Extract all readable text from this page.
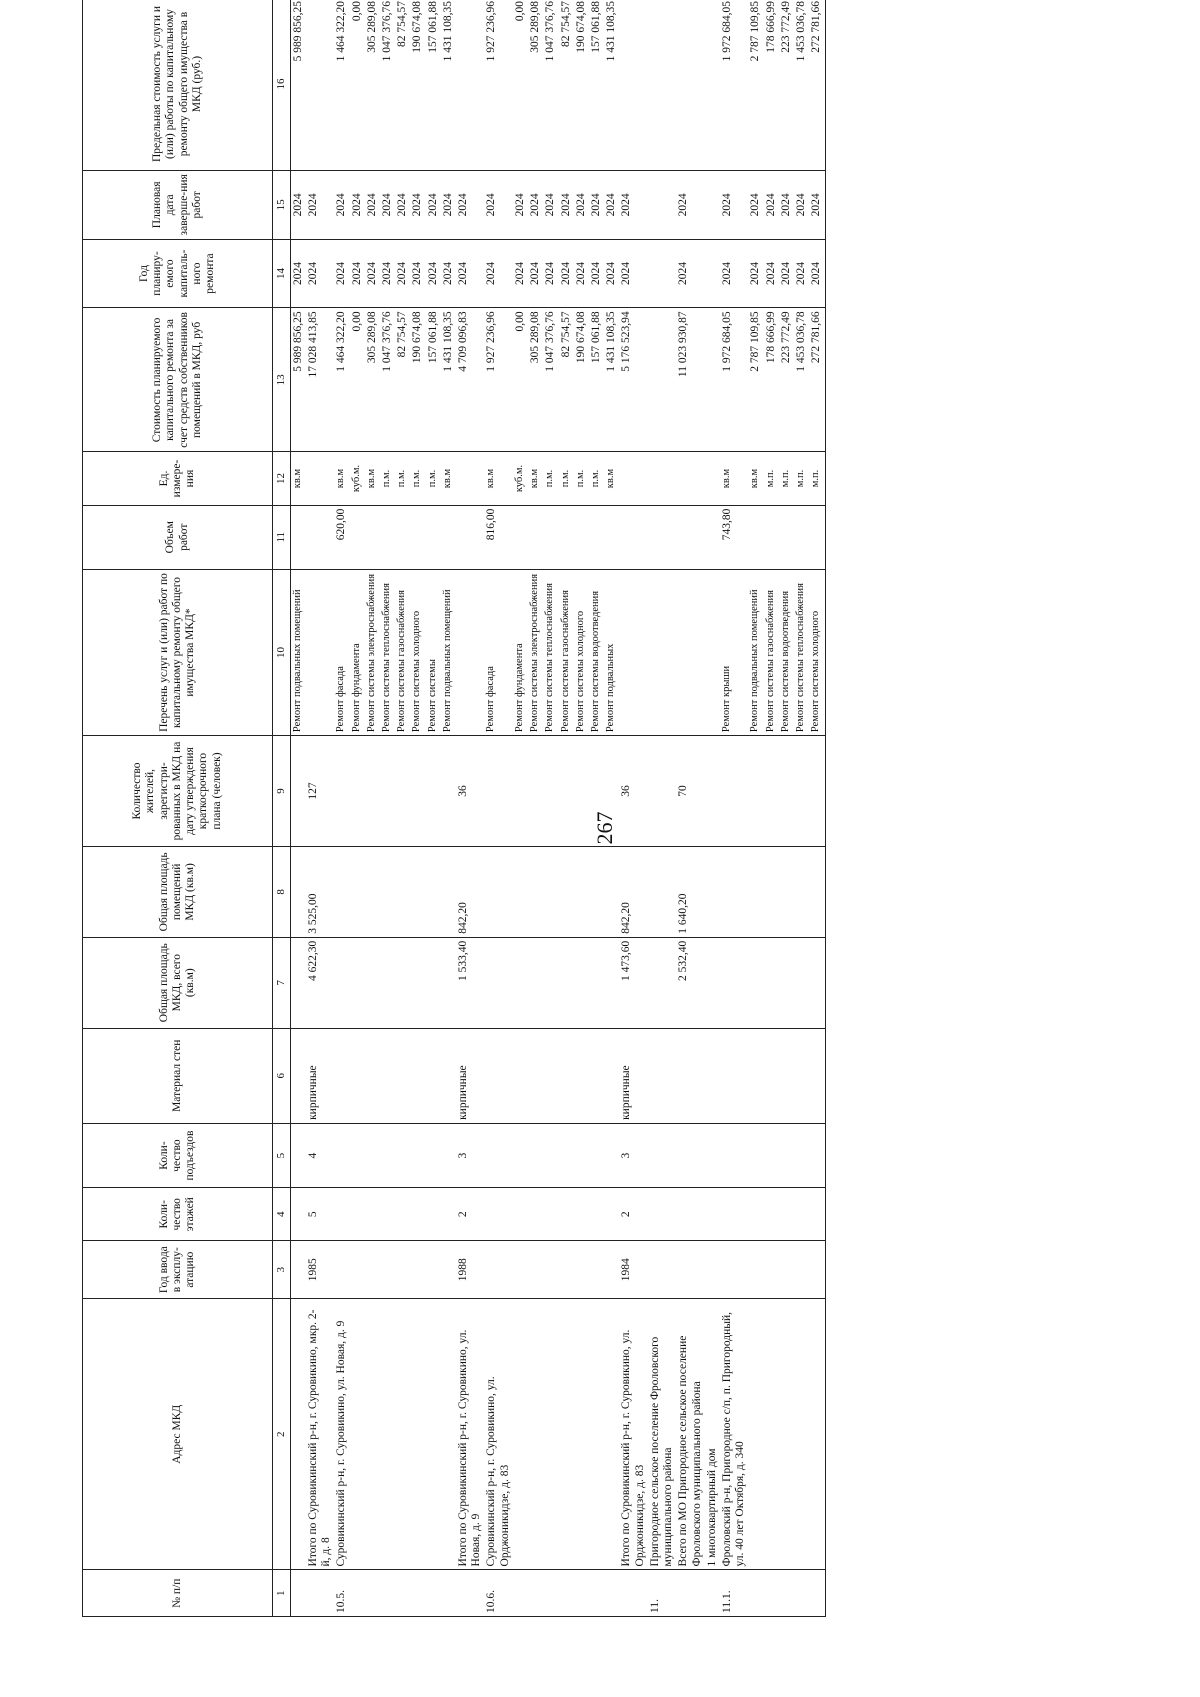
267
№ п/п	Адрес МКД	Год ввода в эксплу-атацию	Коли-чество этажей	Коли-чество подъездов	Материал стен	Общая площадь МКД, всего (кв.м)	Общая площадь помещений МКД (кв.м)	Количество жителей, зарегистри-рованных в МКД на дату утверждения краткосрочного плана (человек)	Перечень услуг и (или) работ по капитальному ремонту общего имущества МКД*	Объем работ	Ед. измере-ния	Стоимость планируемого капитального ремонта за счет средств собственников помещений в МКД, руб	Год планиру-емого капиталь-ного ремонта	Плановая дата заверше-ния работ	Предельная стоимость услуги и (или) работы по капитальному ремонту общего имущества в МКД (руб.)
1	2	3	4	5	6	7	8	9	10	11	12	13	14	15	16
									Ремонт подвальных помещений		кв.м	5 989 856,25	2024	2024	5 989 856,25
	Итого по Суровикинский р-н, г. Суровикино, мкр. 2-й, д. 8	1985	5	4	кирпичные	4 622,30	3 525,00	127				17 028 413,85	2024	2024	
10.5.	Суровикинский р-н, г. Суровикино, ул. Новая, д. 9								Ремонт фасада	620,00	кв.м	1 464 322,20	2024	2024	1 464 322,20
									Ремонт фундамента		куб.м.	0,00	2024	2024	0,00
									Ремонт системы электроснабжения		кв.м	305 289,08	2024	2024	305 289,08
									Ремонт системы теплоснабжения		п.м.	1 047 376,76	2024	2024	1 047 376,76
									Ремонт системы газоснабжения		п.м.	82 754,57	2024	2024	82 754,57
									Ремонт системы холодного		п.м.	190 674,08	2024	2024	190 674,08
									Ремонт системы		п.м.	157 061,88	2024	2024	157 061,88
									Ремонт подвальных помещений		кв.м	1 431 108,35	2024	2024	1 431 108,35
	Итого по Суровикинский р-н, г. Суровикино, ул. Новая, д. 9	1988	2	3	кирпичные	1 533,40	842,20	36				4 709 096,83	2024	2024	
10.6.	Суровикинский р-н, г. Суровикино, ул. Орджоникидзе, д. 83								Ремонт фасада	816,00	кв.м	1 927 236,96	2024	2024	1 927 236,96
									Ремонт фундамента		куб.м.	0,00	2024	2024	0,00
									Ремонт системы электроснабжения		кв.м	305 289,08	2024	2024	305 289,08
									Ремонт системы теплоснабжения		п.м.	1 047 376,76	2024	2024	1 047 376,76
									Ремонт системы газоснабжения		п.м.	82 754,57	2024	2024	82 754,57
									Ремонт системы холодного		п.м.	190 674,08	2024	2024	190 674,08
									Ремонт системы водоотведения		п.м.	157 061,88	2024	2024	157 061,88
									Ремонт подвальных		кв.м	1 431 108,35	2024	2024	1 431 108,35
	Итого по Суровикинский р-н, г. Суровикино, ул. Орджоникидзе, д. 83	1984	2	3	кирпичные	1 473,60	842,20	36				5 176 523,94	2024	2024	
11.	Пригородное сельское поселение Фроловского муниципального района														
	Всего по МО Пригородное сельское поселение Фроловского муниципального района					2 532,40	1 640,20	70				11 023 930,87	2024	2024	
	1 многоквартирный дом														
11.1.	Фроловский р-н, Пригородное с/п, п. Пригородный, ул. 40 лет Октября, д. 340								Ремонт крыши	743,80	кв.м	1 972 684,05	2024	2024	1 972 684,05
									Ремонт подвальных помещений		кв.м	2 787 109,85	2024	2024	2 787 109,85
									Ремонт системы газоснабжения		м.п.	178 666,99	2024	2024	178 666,99
									Ремонт системы водоотведения		м.п.	223 772,49	2024	2024	223 772,49
									Ремонт системы теплоснабжения		м.п.	1 453 036,78	2024	2024	1 453 036,78
									Ремонт системы холодного		м.п.	272 781,66	2024	2024	272 781,66
